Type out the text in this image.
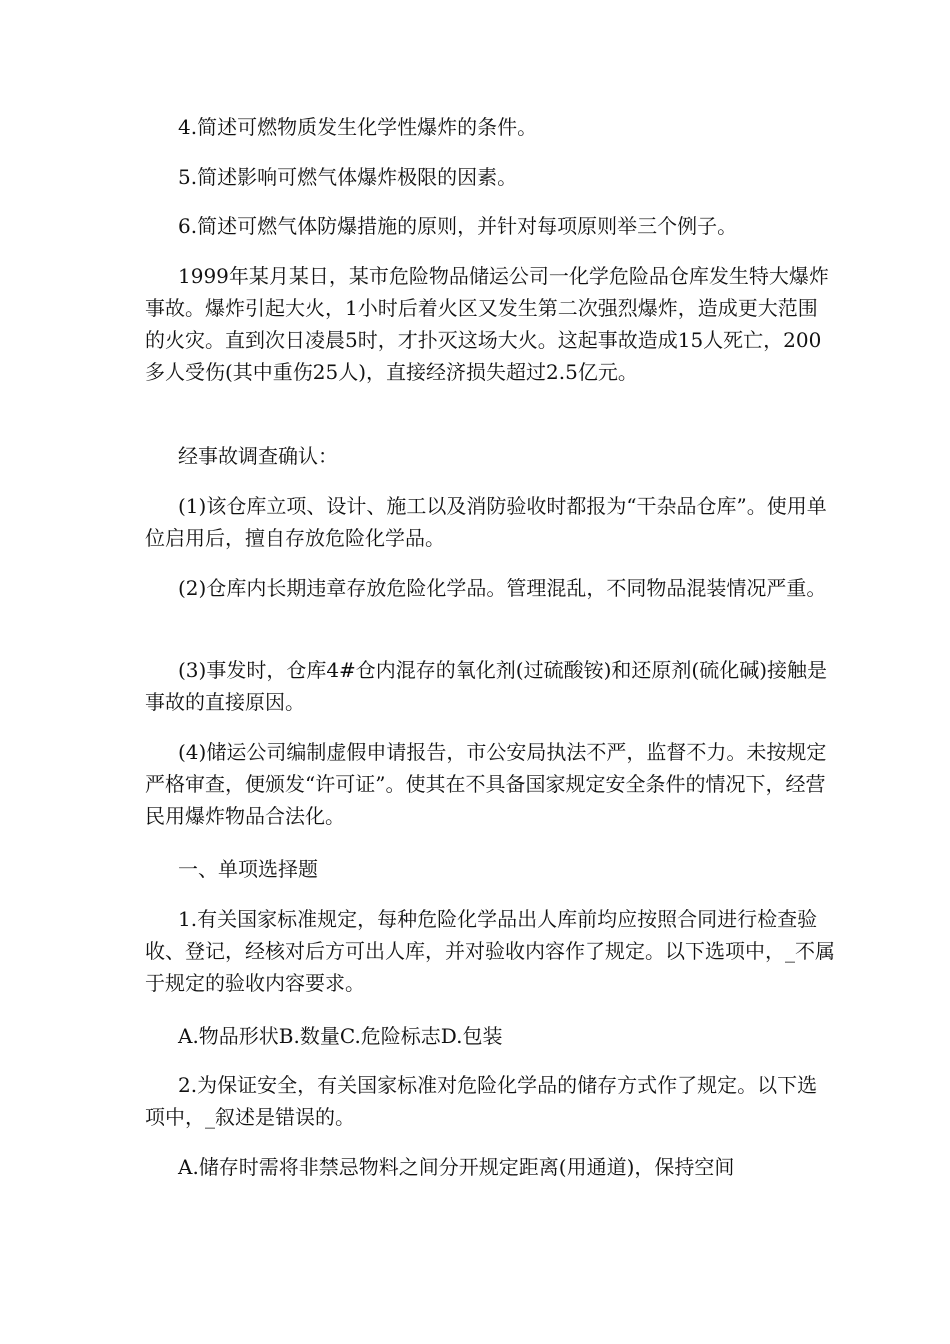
4.简述可燃物质发生化学性爆炸的条件。

5.简述影响可燃气体爆炸极限的因素。

6.简述可燃气体防爆措施的原则，并针对每项原则举三个例子。

1999年某月某日，某市危险物品储运公司一化学危险品仓库发生特大爆炸事故。爆炸引起大火，1小时后着火区又发生第二次强烈爆炸，造成更大范围的火灾。直到次日凌晨5时，才扑灭这场大火。这起事故造成15人死亡，200多人受伤(其中重伤25人)，直接经济损失超过2.5亿元。

经事故调查确认：

(1)该仓库立项、设计、施工以及消防验收时都报为“干杂品仓库”。使用单位启用后，擅自存放危险化学品。

(2)仓库内长期违章存放危险化学品。管理混乱，不同物品混装情况严重。

(3)事发时，仓库4#仓内混存的氧化剂(过硫酸铵)和还原剂(硫化碱)接触是事故的直接原因。

(4)储运公司编制虚假申请报告，市公安局执法不严，监督不力。未按规定严格审查，便颁发“许可证”。使其在不具备国家规定安全条件的情况下，经营民用爆炸物品合法化。

一、单项选择题

1.有关国家标准规定，每种危险化学品出人库前均应按照合同进行检查验收、登记，经核对后方可出人库，并对验收内容作了规定。以下选项中，_不属于规定的验收内容要求。

A.物品形状B.数量C.危险标志D.包装

2.为保证安全，有关国家标准对危险化学品的储存方式作了规定。以下选项中，_叙述是错误的。

A.储存时需将非禁忌物料之间分开规定距离(用通道)，保持空间
